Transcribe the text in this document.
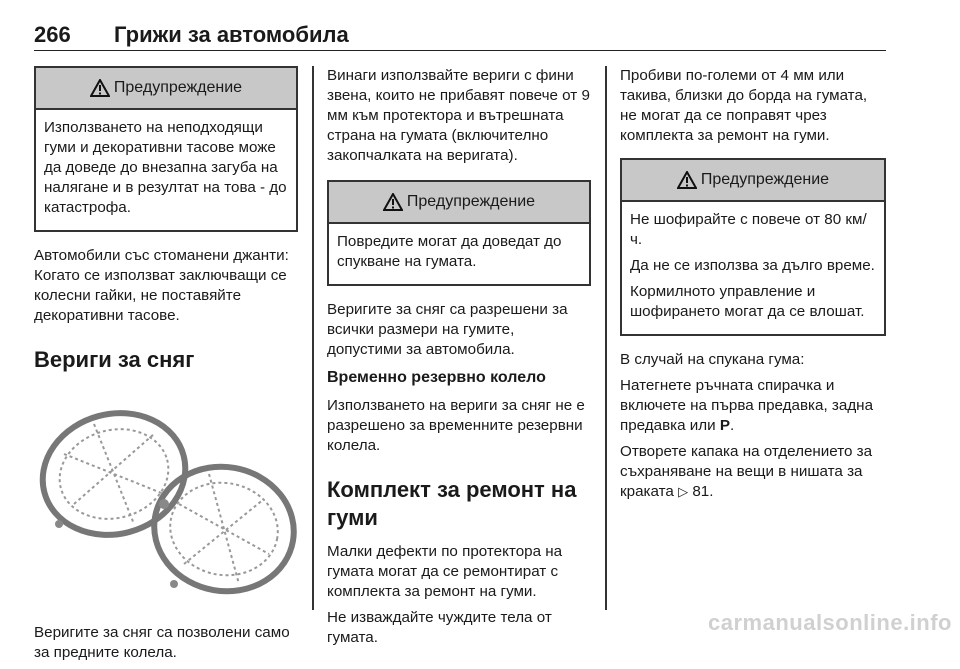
266 Грижи за автомобила
Предупреждение

Използването на неподходящи гуми и декоративни тасове може да доведе до внезапна загуба на налягане и в резултат на това - до катастрофа.

Автомобили със стоманени джанти: Когато се използват заключващи се колесни гайки, не поставяйте декоративни тасове.

Вериги за сняг

Веригите за сняг са позволени само за предните колела.

Винаги използвайте вериги с фини звена, които не прибавят повече от 9 мм към протектора и вътрешната страна на гумата (включително закопчалката на веригата).

Предупреждение

Повредите могат да доведат до спукване на гумата.

Веригите за сняг са разрешени за всички размери на гумите, допустими за автомобила.

Временно резервно колело

Използването на вериги за сняг не е разрешено за временните резервни колела.

Комплект за ремонт на гуми

Малки дефекти по протектора на гумата могат да се ремонтират с комплекта за ремонт на гуми.

Не изваждайте чуждите тела от гумата.

Пробиви по-големи от 4 мм или такива, близки до борда на гумата, не могат да се поправят чрез комплекта за ремонт на гуми.

Предупреждение

Не шофирайте с повече от 80 км/ч.

Да не се използва за дълго време.

Кормилното управление и шофирането могат да се влошат.

В случай на спукана гума:

Натегнете ръчната спирачка и включете на първа предавка, задна предавка или P.

Отворете капака на отделението за съхраняване на вещи в нишата за краката ▷ 81.

carmanualsonline.info
